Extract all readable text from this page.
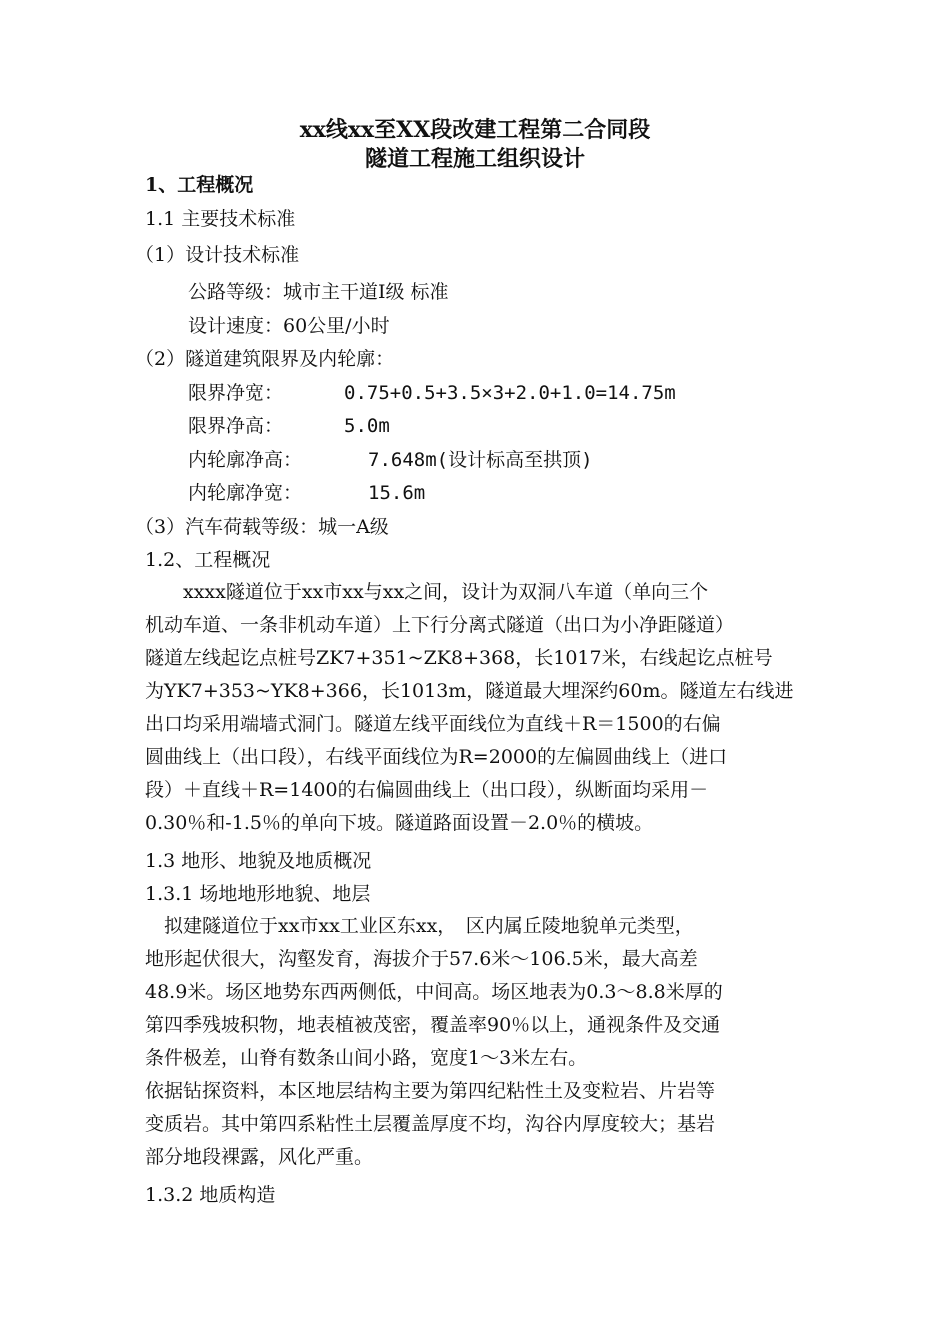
xx线xx至XX段改建工程第二合同段
隧道工程施工组织设计
1、工程概况
1.1 主要技术标准
（1）设计技术标准
公路等级：城市主干道Ⅰ级 标准
设计速度：60公里/小时
（2）隧道建筑限界及内轮廓：
限界净宽：	0.75+0.5+3.5×3+2.0+1.0=14.75m
限界净高：	5.0m
内轮廓净高：	7.648m(设计标高至拱顶)
内轮廓净宽：	15.6m
（3）汽车荷载等级：城一A级
1.2、工程概况
　　xxxx隧道位于xx市xx与xx之间，设计为双洞八车道（单向三个
机动车道、一条非机动车道）上下行分离式隧道（出口为小净距隧道）
隧道左线起讫点桩号ZK7+351~ZK8+368，长1017米，右线起讫点桩号
为YK7+353~YK8+366，长1013m，隧道最大埋深约60m。隧道左右线进
出口均采用端墙式洞门。隧道左线平面线位为直线＋R＝1500的右偏
圆曲线上（出口段），右线平面线位为R=2000的左偏圆曲线上（进口
段）＋直线＋R=1400的右偏圆曲线上（出口段），纵断面均采用－
0.30％和-1.5％的单向下坡。隧道路面设置－2.0％的横坡。
1.3 地形、地貌及地质概况
1.3.1 场地地形地貌、地层
　拟建隧道位于xx市xx工业区东xx，　区内属丘陵地貌单元类型，
地形起伏很大，沟壑发育，海拔介于57.6米～106.5米，最大高差
48.9米。场区地势东西两侧低，中间高。场区地表为0.3～8.8米厚的
第四季残坡积物，地表植被茂密，覆盖率90％以上，通视条件及交通
条件极差，山脊有数条山间小路，宽度1～3米左右。
依据钻探资料，本区地层结构主要为第四纪粘性土及变粒岩、片岩等
变质岩。其中第四系粘性土层覆盖厚度不均，沟谷内厚度较大；基岩
部分地段裸露，风化严重。
1.3.2 地质构造
